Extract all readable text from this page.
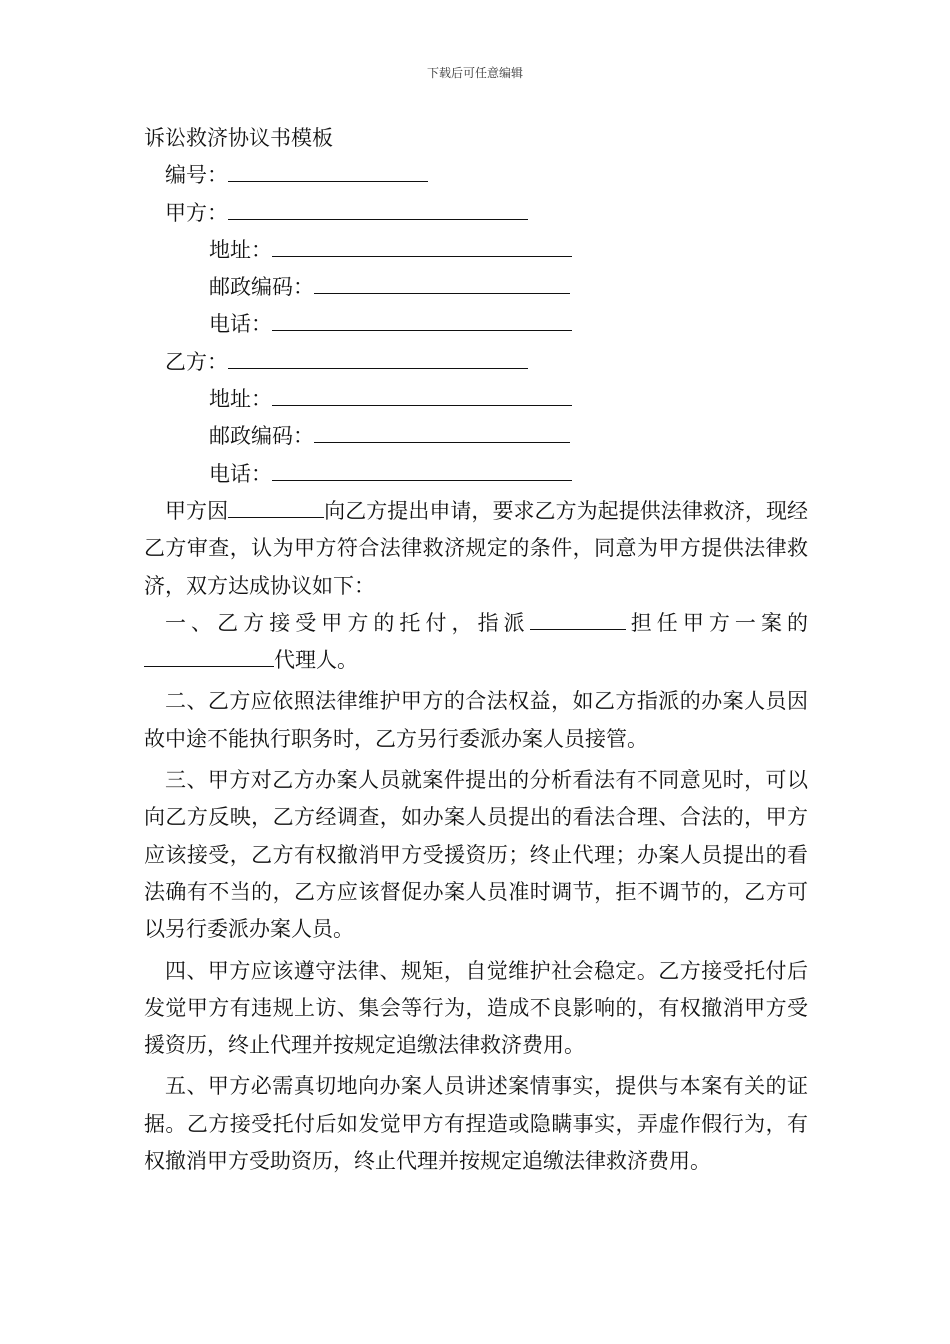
下载后可任意编辑

诉讼救济协议书模板

编号：

甲方：

地址：

邮政编码：

电话：

乙方：

地址：

邮政编码：

电话：

甲方因	向乙方提出申请，要求乙方为起提供法律救济，现经乙方审查，认为甲方符合法律救济规定的条件，同意为甲方提供法律救济，双方达成协议如下：

一、乙方接受甲方的托付，指派	担任甲方一案的代理人。

二、乙方应依照法律维护甲方的合法权益，如乙方指派的办案人员因故中途不能执行职务时，乙方另行委派办案人员接管。

三、甲方对乙方办案人员就案件提出的分析看法有不同意见时，可以向乙方反映，乙方经调查，如办案人员提出的看法合理、合法的，甲方应该接受，乙方有权撤消甲方受援资历；终止代理；办案人员提出的看法确有不当的，乙方应该督促办案人员准时调节，拒不调节的，乙方可以另行委派办案人员。

四、甲方应该遵守法律、规矩，自觉维护社会稳定。乙方接受托付后发觉甲方有违规上访、集会等行为，造成不良影响的，有权撤消甲方受援资历，终止代理并按规定追缴法律救济费用。

五、甲方必需真切地向办案人员讲述案情事实，提供与本案有关的证据。乙方接受托付后如发觉甲方有捏造或隐瞒事实，弄虚作假行为，有权撤消甲方受助资历，终止代理并按规定追缴法律救济费用。
